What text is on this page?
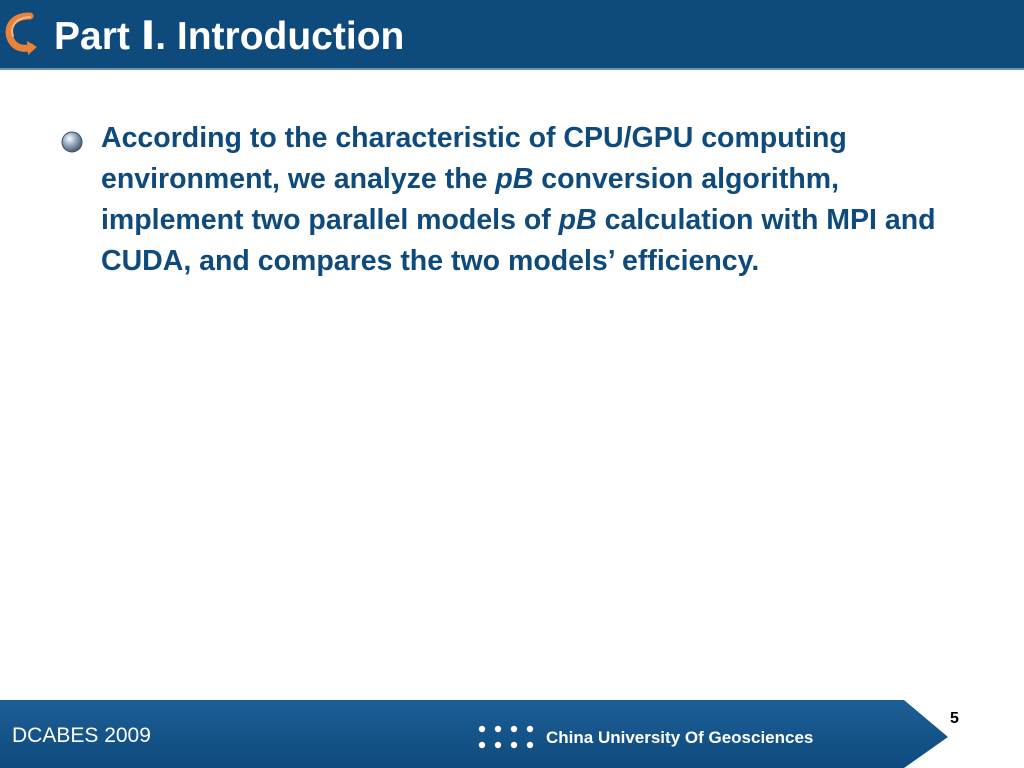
Part Ⅰ. Introduction

According to the characteristic of CPU/GPU computing environment, we analyze the pB conversion algorithm, implement two parallel models of pB calculation with MPI and CUDA, and compares the two models’ efficiency.

DCABES 2009	China University Of Geosciences
5
